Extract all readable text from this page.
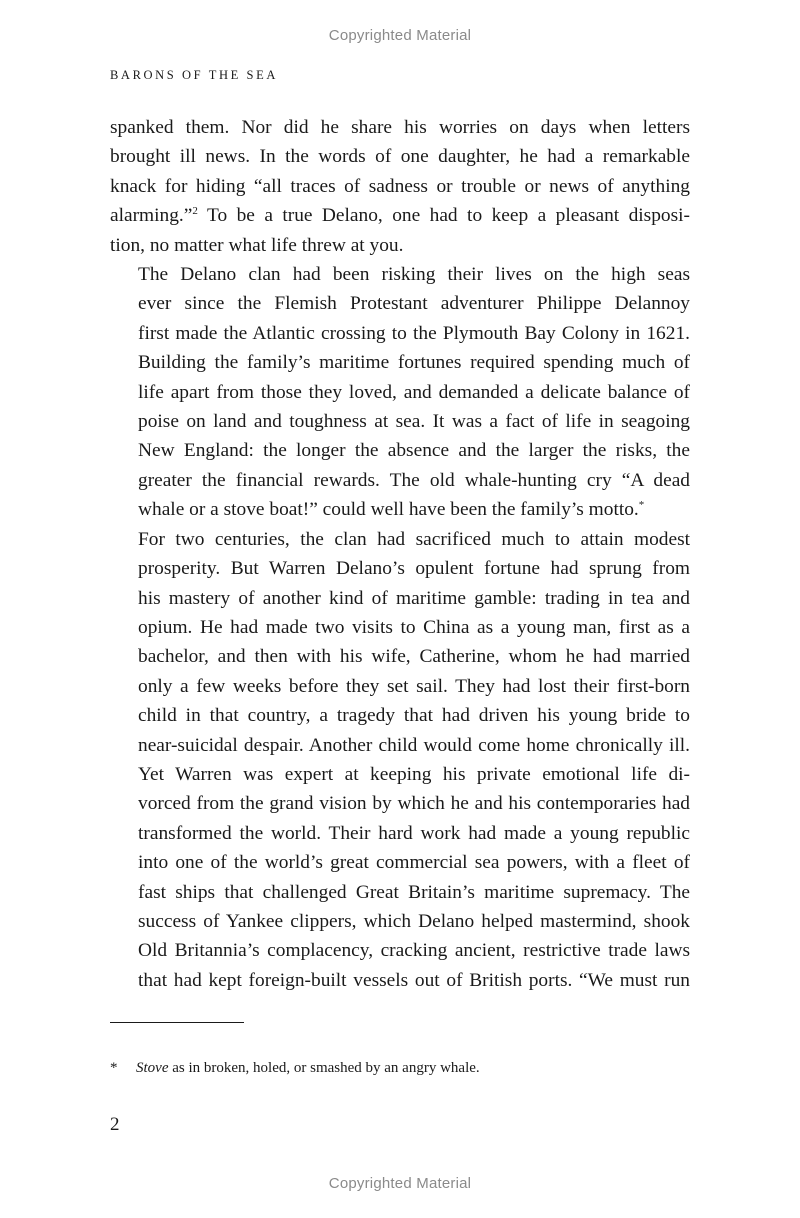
Copyrighted Material
BARONS OF THE SEA

spanked them. Nor did he share his worries on days when letters
brought ill news. In the words of one daughter, he had a remarkable
knack for hiding “all traces of sadness or trouble or news of anything
alarming.”$^2$ To be a true Delano, one had to keep a pleasant disposi-
tion, no matter what life threw at you.

The Delano clan had been risking their lives on the high seas
ever since the Flemish Protestant adventurer Philippe Delannoy
first made the Atlantic crossing to the Plymouth Bay Colony in 1621.
Building the family’s maritime fortunes required spending much of
life apart from those they loved, and demanded a delicate balance of
poise on land and toughness at sea. It was a fact of life in seagoing
New England: the longer the absence and the larger the risks, the
greater the financial rewards. The old whale-hunting cry “A dead
whale or a stove boat!” could well have been the family’s motto.*

For two centuries, the clan had sacrificed much to attain modest
prosperity. But Warren Delano’s opulent fortune had sprung from
his mastery of another kind of maritime gamble: trading in tea and
opium. He had made two visits to China as a young man, first as a
bachelor, and then with his wife, Catherine, whom he had married
only a few weeks before they set sail. They had lost their first-born
child in that country, a tragedy that had driven his young bride to
near-suicidal despair. Another child would come home chronically ill.

Yet Warren was expert at keeping his private emotional life di-
vorced from the grand vision by which he and his contemporaries had
transformed the world. Their hard work had made a young republic
into one of the world’s great commercial sea powers, with a fleet of
fast ships that challenged Great Britain’s maritime supremacy. The
success of Yankee clippers, which Delano helped mastermind, shook
Old Britannia’s complacency, cracking ancient, restrictive trade laws
that had kept foreign-built vessels out of British ports. “We must run

* Stove as in broken, holed, or smashed by an angry whale.
2
Copyrighted Material
